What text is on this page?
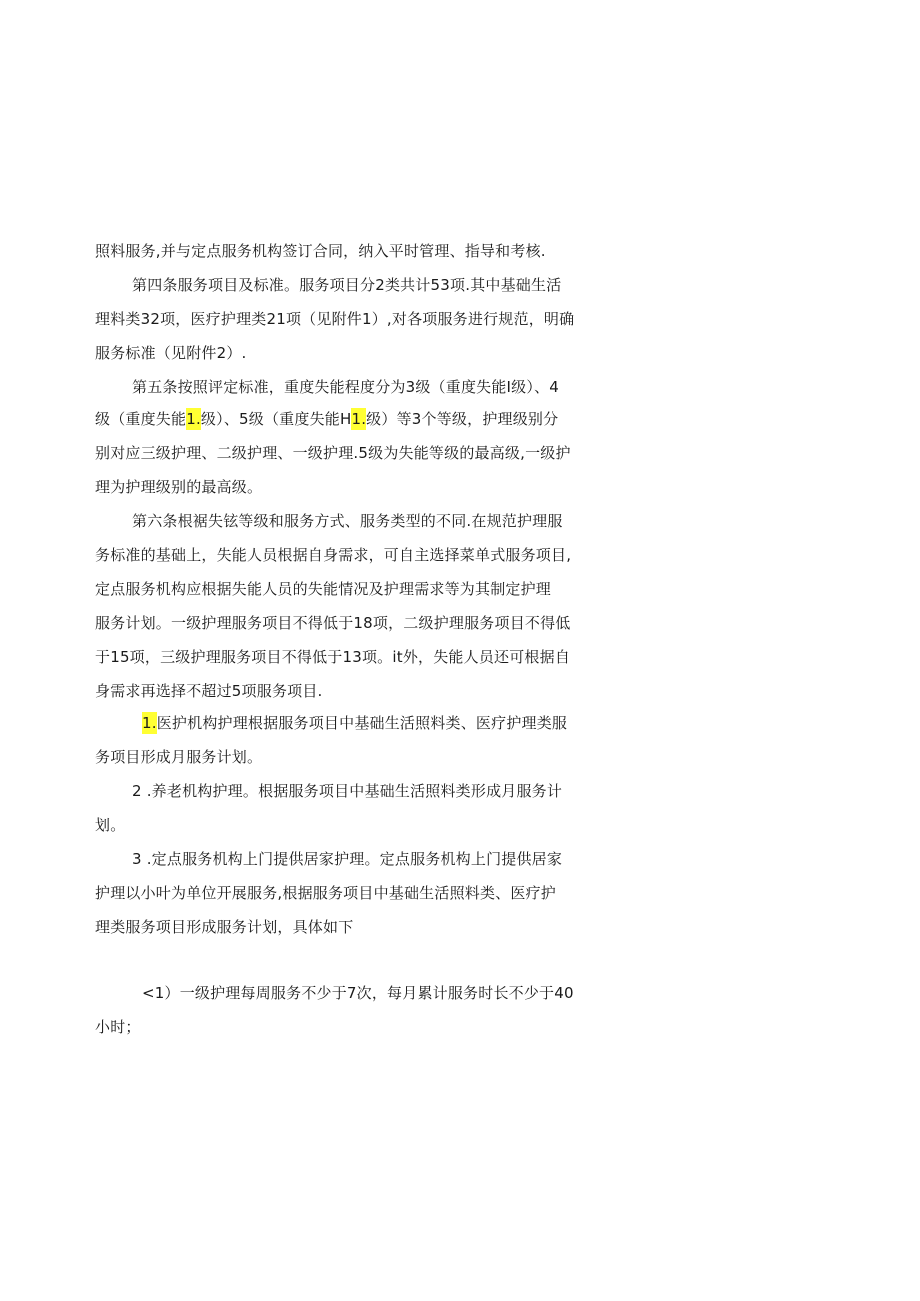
照料服务,并与定点服务机构签订合同，纳入平时管理、指导和考核.
第四条服务项目及标准。服务项目分2类共计53项.其中基础生活
理料类32项，医疗护理类21项（见附件1）,对各项服务进行规范，明确
服务标准（见附件2）.
第五条按照评定标准，重度失能程度分为3级（重度失能I级）、4
级（重度失能1.级）、5级（重度失能H1.级）等3个等级，护理级别分
别对应三级护理、二级护理、一级护理.5级为失能等级的最高级,一级护
理为护理级别的最高级。
第六条根裾失铉等级和服务方式、服务类型的不同.在规范护理服
务标准的基础上，失能人员根据自身需求，可自主选择菜单式服务项目,
定点服务机构应根据失能人员的失能情况及护理需求等为其制定护理
服务计划。一级护理服务项目不得低于18项，二级护理服务项目不得低
于15项，三级护理服务项目不得低于13项。it外，失能人员还可根据自
身需求再选择不超过5项服务项目.
1.医护机构护理根据服务项目中基础生活照料类、医疗护理类服
务项目形成月服务计划。
2 .养老机构护理。根据服务项目中基础生活照料类形成月服务计
划。
3 .定点服务机构上门提供居家护理。定点服务机构上门提供居家
护理以小叶为单位开展服务,根据服务项目中基础生活照料类、医疗护
理类服务项目形成服务计划，具体如下
<1）一级护理每周服务不少于7次，每月累计服务时长不少于40
小时；
